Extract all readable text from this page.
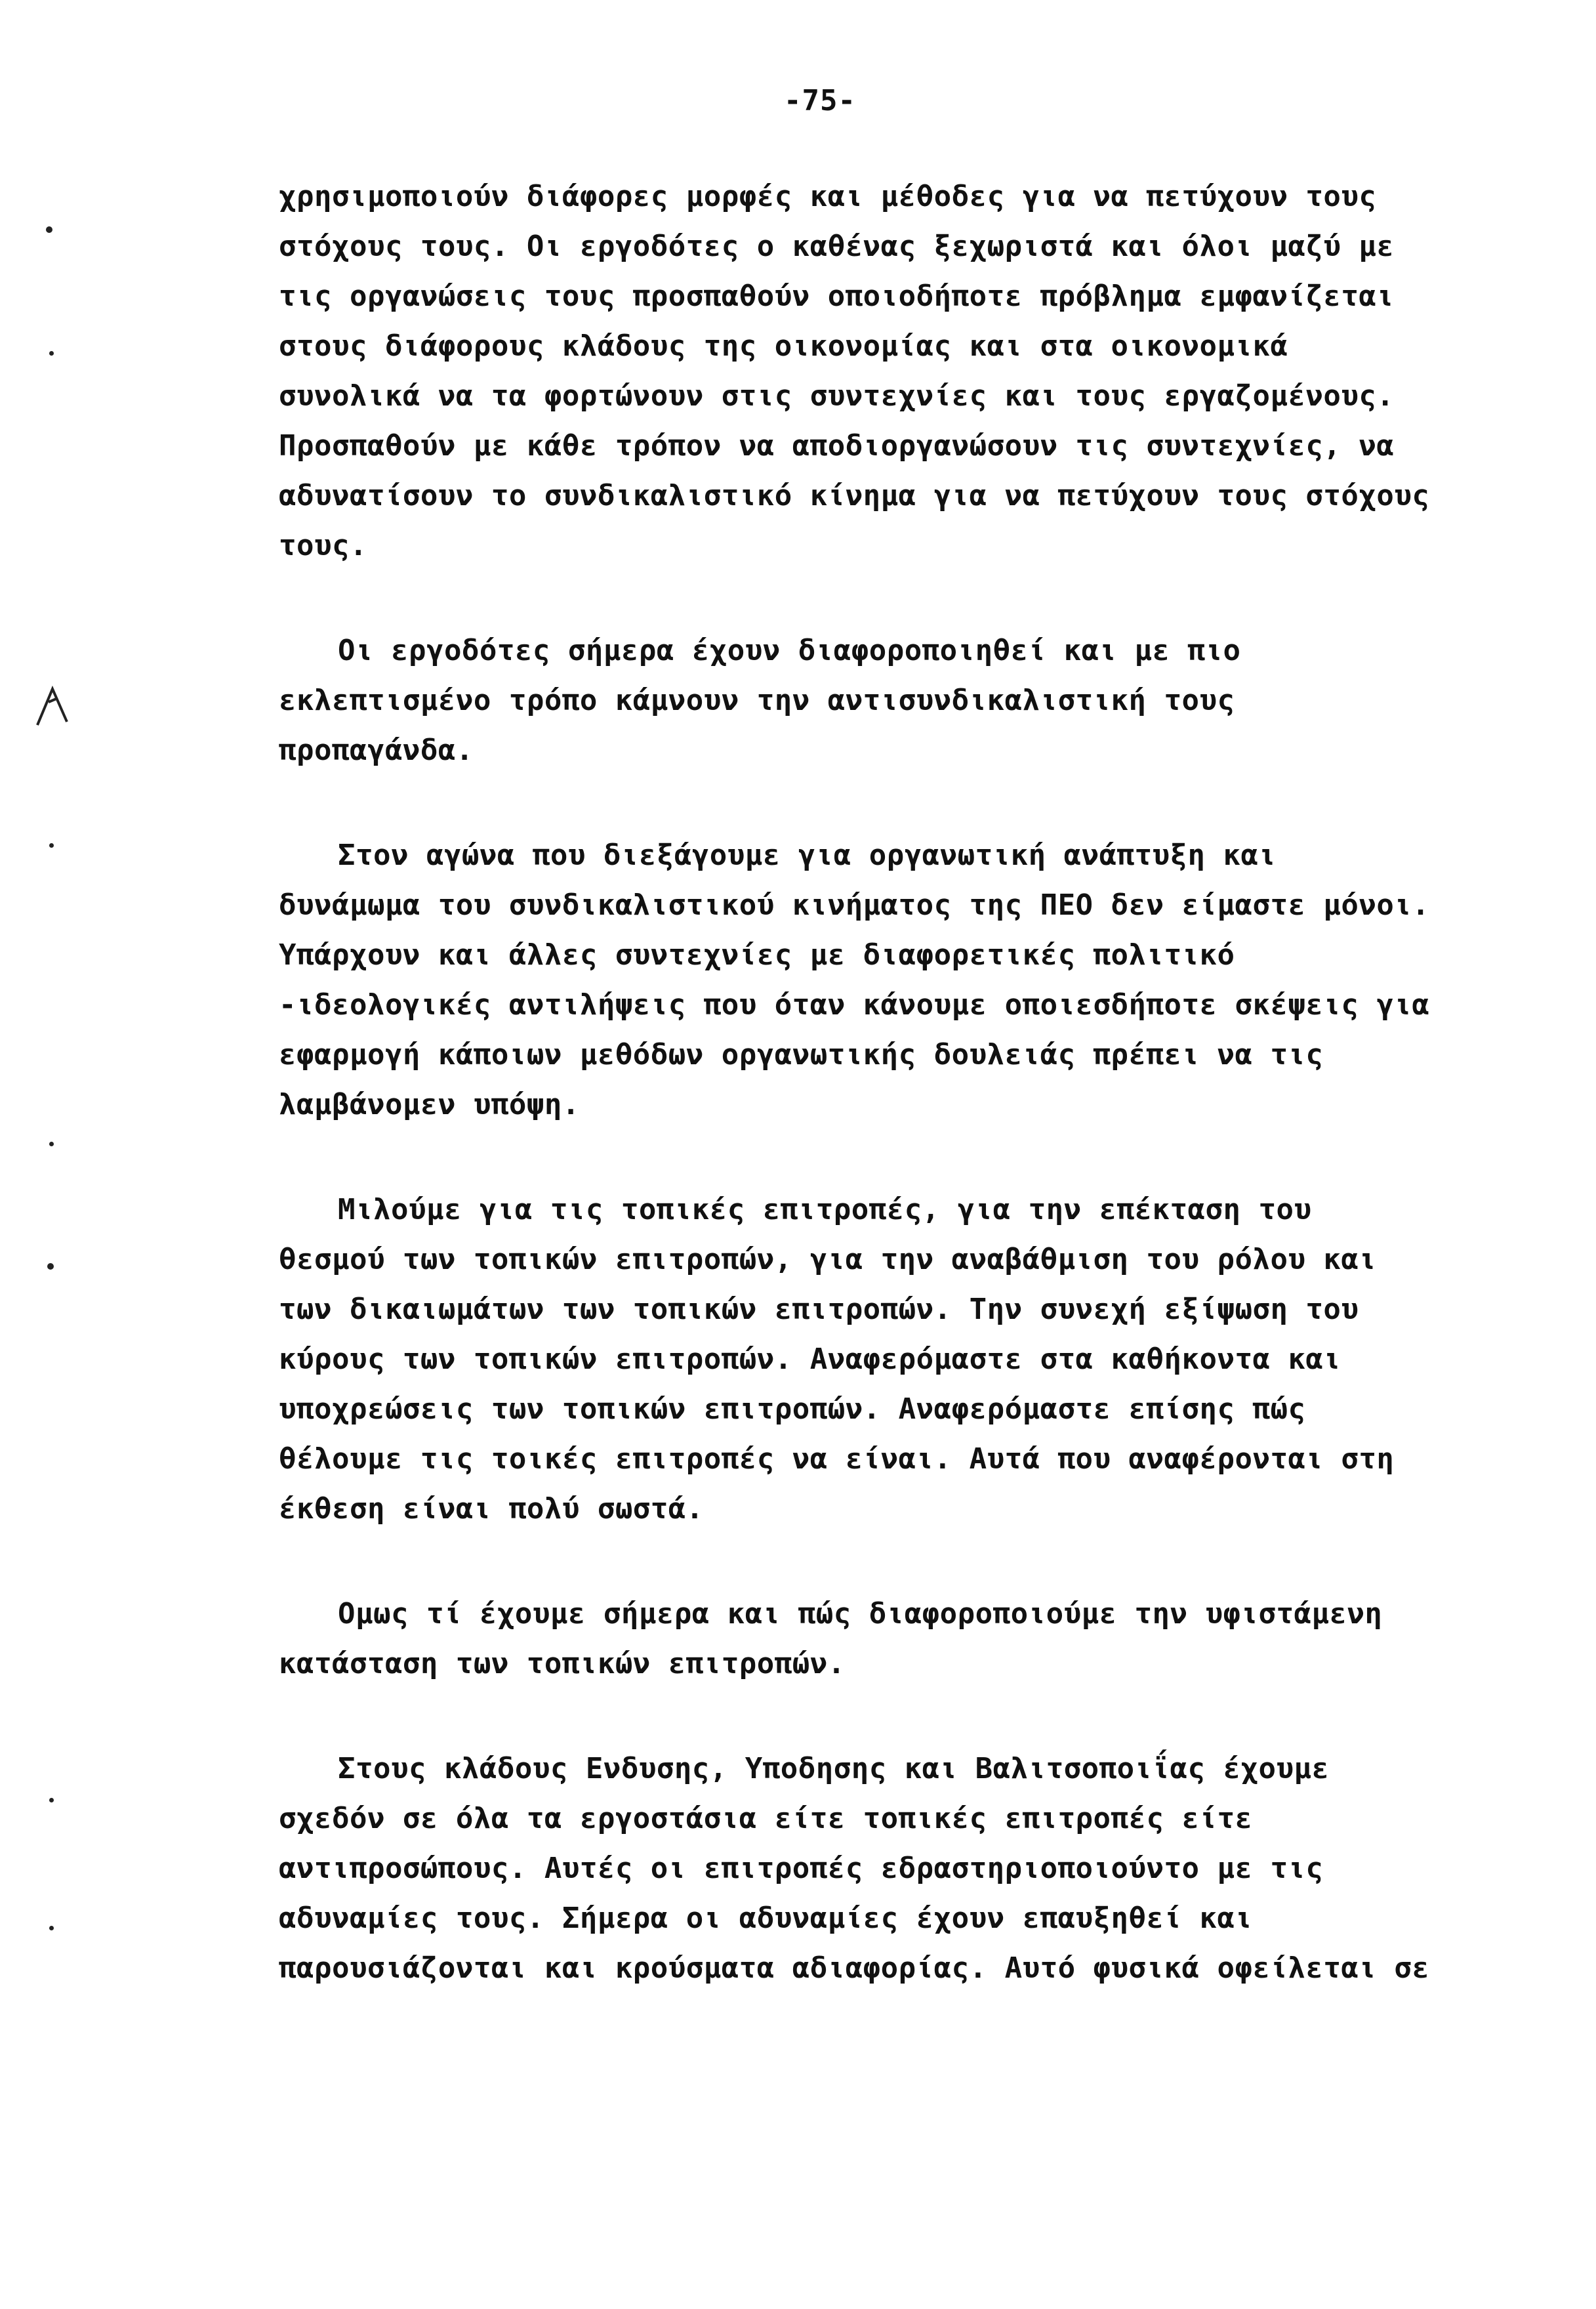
-75-
χρησιμοποιούν διάφορες μορφές και μέθοδες για να πετύχουν τους
στόχους τους. Οι εργοδότες ο καθένας ξεχωριστά και όλοι μαζύ με
τις οργανώσεις τους προσπαθούν οποιοδήποτε πρόβλημα εμφανίζεται
στους διάφορους κλάδους της οικονομίας και στα οικονομικά
συνολικά να τα φορτώνουν στις συντεχνίες και τους εργαζομένους.
Προσπαθούν με κάθε τρόπον να αποδιοργανώσουν τις συντεχνίες, να
αδυνατίσουν το συνδικαλιστικό κίνημα για να πετύχουν τους στόχους
τους.
Οι εργοδότες σήμερα έχουν διαφοροποιηθεί και με πιο
εκλεπτισμένο τρόπο κάμνουν την αντισυνδικαλιστική τους
προπαγάνδα.
Στον αγώνα που διεξάγουμε για οργανωτική ανάπτυξη και
δυνάμωμα του συνδικαλιστικού κινήματος της ΠΕΟ δεν είμαστε μόνοι.
Υπάρχουν και άλλες συντεχνίες με διαφορετικές πολιτικό
-ιδεολογικές αντιλήψεις που όταν κάνουμε οποιεσδήποτε σκέψεις για
εφαρμογή κάποιων μεθόδων οργανωτικής δουλειάς πρέπει να τις
λαμβάνομεν υπόψη.
Μιλούμε για τις τοπικές επιτροπές, για την επέκταση του
θεσμού των τοπικών επιτροπών, για την αναβάθμιση του ρόλου και
των δικαιωμάτων των τοπικών επιτροπών. Την συνεχή εξίψωση του
κύρους των τοπικών επιτροπών. Αναφερόμαστε στα καθήκοντα και
υποχρεώσεις των τοπικών επιτροπών. Αναφερόμαστε επίσης πώς
θέλουμε τις τοικές επιτροπές να είναι. Αυτά που αναφέρονται στη
έκθεση είναι πολύ σωστά.
Ομως τί έχουμε σήμερα και πώς διαφοροποιούμε την υφιστάμενη
κατάσταση των τοπικών επιτροπών.
Στους κλάδους Ενδυσης, Υποδησης και Βαλιτσοποιΐας έχουμε
σχεδόν σε όλα τα εργοστάσια είτε τοπικές επιτροπές είτε
αντιπροσώπους. Αυτές οι επιτροπές εδραστηριοποιούντο με τις
αδυναμίες τους. Σήμερα οι αδυναμίες έχουν επαυξηθεί και
παρουσιάζονται και κρούσματα αδιαφορίας. Αυτό φυσικά οφείλεται σε
